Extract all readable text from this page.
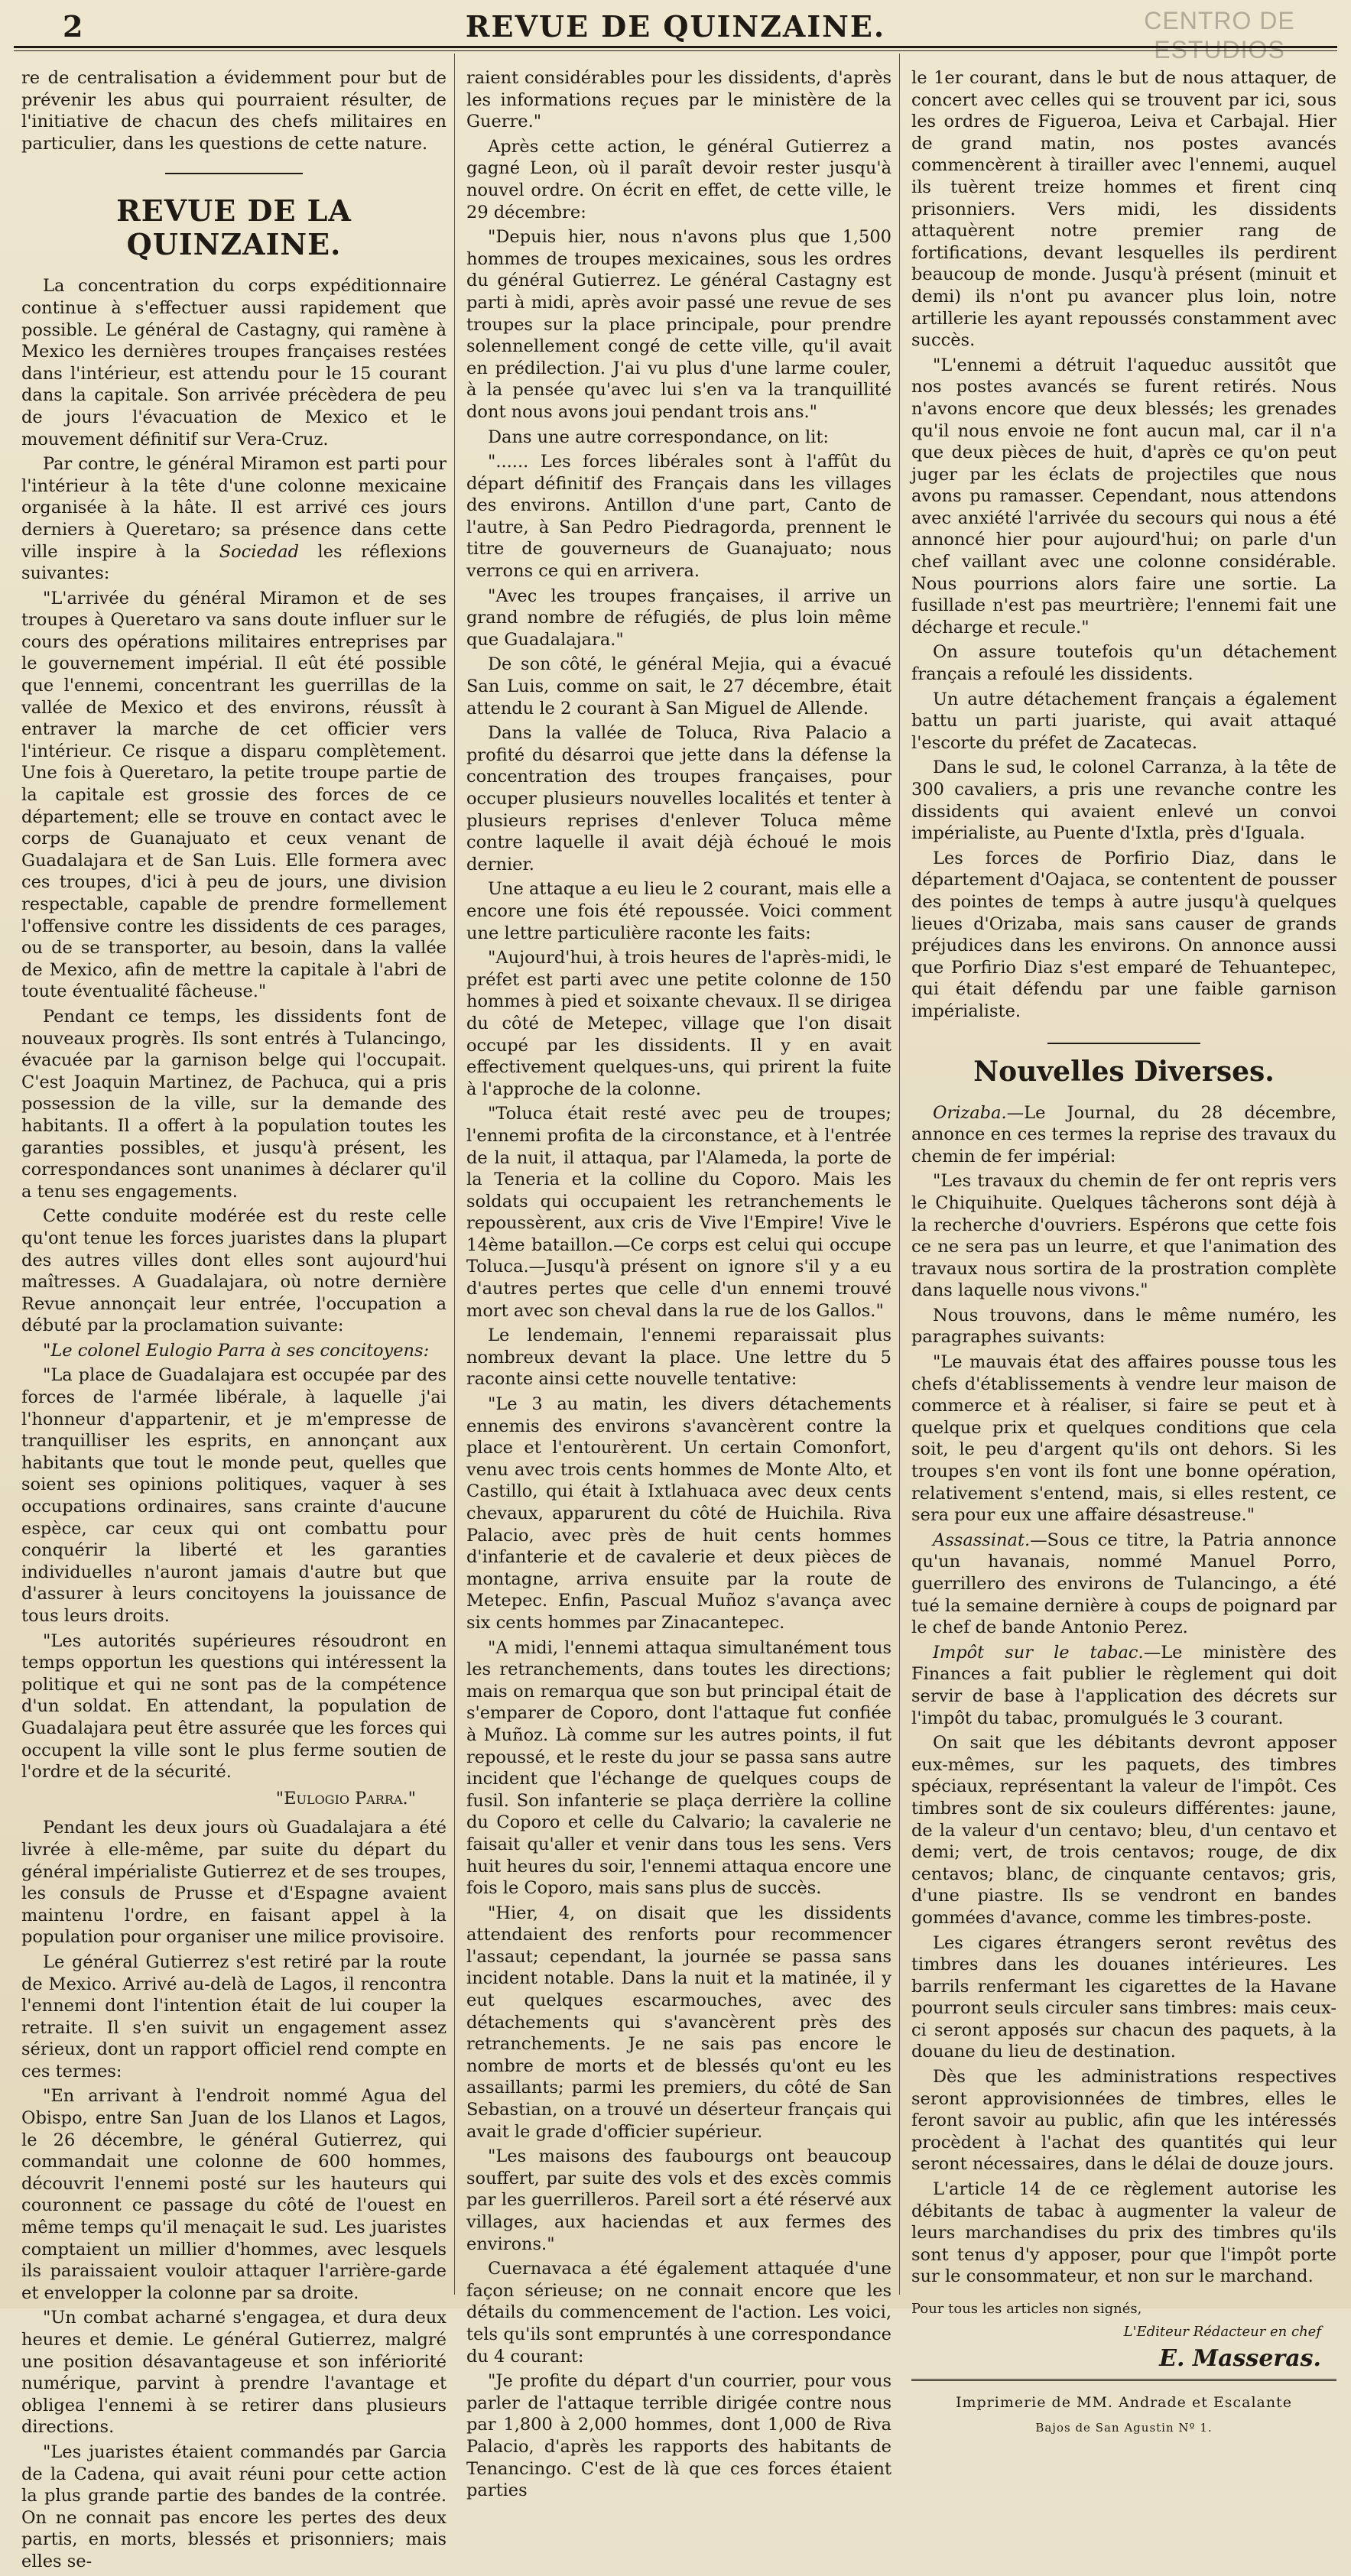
2	REVUE DE QUINZAINE.	CENTRO DE
ESTUDIOS

re de centralisation a évidemment pour but de prévenir les abus qui pourraient résulter, de l'initiative de chacun des chefs militaires en particulier, dans les questions de cette nature.

REVUE DE LA QUINZAINE.

La concentration du corps expéditionnaire continue à s'effectuer aussi rapidement que possible. Le général de Castagny, qui ramène à Mexico les dernières troupes françaises restées dans l'intérieur, est attendu pour le 15 courant dans la capitale. Son arrivée précèdera de peu de jours l'évacuation de Mexico et le mouvement définitif sur Vera-Cruz.

Par contre, le général Miramon est parti pour l'intérieur à la tête d'une colonne mexicaine organisée à la hâte. Il est arrivé ces jours derniers à Queretaro; sa présence dans cette ville inspire à la Sociedad les réflexions suivantes:

"L'arrivée du général Miramon et de ses troupes à Queretaro va sans doute influer sur le cours des opérations militaires entreprises par le gouvernement impérial. Il eût été possible que l'ennemi, concentrant les guerrillas de la vallée de Mexico et des environs, réussît à entraver la marche de cet officier vers l'intérieur. Ce risque a disparu complètement. Une fois à Queretaro, la petite troupe partie de la capitale est grossie des forces de ce département; elle se trouve en contact avec le corps de Guanajuato et ceux venant de Guadalajara et de San Luis. Elle formera avec ces troupes, d'ici à peu de jours, une division respectable, capable de prendre formellement l'offensive contre les dissidents de ces parages, ou de se transporter, au besoin, dans la vallée de Mexico, afin de mettre la capitale à l'abri de toute éventualité fâcheuse."

Pendant ce temps, les dissidents font de nouveaux progrès. Ils sont entrés à Tulancingo, évacuée par la garnison belge qui l'occupait. C'est Joaquin Martinez, de Pachuca, qui a pris possession de la ville, sur la demande des habitants. Il a offert à la population toutes les garanties possibles, et jusqu'à présent, les correspondances sont unanimes à déclarer qu'il a tenu ses engagements.

Cette conduite modérée est du reste celle qu'ont tenue les forces juaristes dans la plupart des autres villes dont elles sont aujourd'hui maîtresses. A Guadalajara, où notre dernière Revue annonçait leur entrée, l'occupation a débuté par la proclamation suivante:

"Le colonel Eulogio Parra à ses concitoyens:

"La place de Guadalajara est occupée par des forces de l'armée libérale, à laquelle j'ai l'honneur d'appartenir, et je m'empresse de tranquilliser les esprits, en annonçant aux habitants que tout le monde peut, quelles que soient ses opinions politiques, vaquer à ses occupations ordinaires, sans crainte d'aucune espèce, car ceux qui ont combattu pour conquérir la liberté et les garanties individuelles n'auront jamais d'autre but que d'assurer à leurs concitoyens la jouissance de tous leurs droits.

"Les autorités supérieures résoudront en temps opportun les questions qui intéressent la politique et qui ne sont pas de la compétence d'un soldat. En attendant, la population de Guadalajara peut être assurée que les forces qui occupent la ville sont le plus ferme soutien de l'ordre et de la sécurité.

"Eulogio Parra."

Pendant les deux jours où Guadalajara a été livrée à elle-même, par suite du départ du général impérialiste Gutierrez et de ses troupes, les consuls de Prusse et d'Espagne avaient maintenu l'ordre, en faisant appel à la population pour organiser une milice provisoire.

Le général Gutierrez s'est retiré par la route de Mexico. Arrivé au-delà de Lagos, il rencontra l'ennemi dont l'intention était de lui couper la retraite. Il s'en suivit un engagement assez sérieux, dont un rapport officiel rend compte en ces termes:

"En arrivant à l'endroit nommé Agua del Obispo, entre San Juan de los Llanos et Lagos, le 26 décembre, le général Gutierrez, qui commandait une colonne de 600 hommes, découvrit l'ennemi posté sur les hauteurs qui couronnent ce passage du côté de l'ouest en même temps qu'il menaçait le sud. Les juaristes comptaient un millier d'hommes, avec lesquels ils paraissaient vouloir attaquer l'arrière-garde et envelopper la colonne par sa droite.

"Un combat acharné s'engagea, et dura deux heures et demie. Le général Gutierrez, malgré une position désavantageuse et son infériorité numérique, parvint à prendre l'avantage et obligea l'ennemi à se retirer dans plusieurs directions.

"Les juaristes étaient commandés par Garcia de la Cadena, qui avait réuni pour cette action la plus grande partie des bandes de la contrée. On ne connait pas encore les pertes des deux partis, en morts, blessés et prisonniers; mais elles se-

raient considérables pour les dissidents, d'après les informations reçues par le ministère de la Guerre."

Après cette action, le général Gutierrez a gagné Leon, où il paraît devoir rester jusqu'à nouvel ordre. On écrit en effet, de cette ville, le 29 décembre:

"Depuis hier, nous n'avons plus que 1,500 hommes de troupes mexicaines, sous les ordres du général Gutierrez. Le général Castagny est parti à midi, après avoir passé une revue de ses troupes sur la place principale, pour prendre solennellement congé de cette ville, qu'il avait en prédilection. J'ai vu plus d'une larme couler, à la pensée qu'avec lui s'en va la tranquillité dont nous avons joui pendant trois ans."

Dans une autre correspondance, on lit:

"...... Les forces libérales sont à l'affût du départ définitif des Français dans les villages des environs. Antillon d'une part, Canto de l'autre, à San Pedro Piedragorda, prennent le titre de gouverneurs de Guanajuato; nous verrons ce qui en arrivera.

"Avec les troupes françaises, il arrive un grand nombre de réfugiés, de plus loin même que Guadalajara."

De son côté, le général Mejia, qui a évacué San Luis, comme on sait, le 27 décembre, était attendu le 2 courant à San Miguel de Allende.

Dans la vallée de Toluca, Riva Palacio a profité du désarroi que jette dans la défense la concentration des troupes françaises, pour occuper plusieurs nouvelles localités et tenter à plusieurs reprises d'enlever Toluca même contre laquelle il avait déjà échoué le mois dernier.

Une attaque a eu lieu le 2 courant, mais elle a encore une fois été repoussée. Voici comment une lettre particulière raconte les faits:

"Aujourd'hui, à trois heures de l'après-midi, le préfet est parti avec une petite colonne de 150 hommes à pied et soixante chevaux. Il se dirigea du côté de Metepec, village que l'on disait occupé par les dissidents. Il y en avait effectivement quelques-uns, qui prirent la fuite à l'approche de la colonne.

"Toluca était resté avec peu de troupes; l'ennemi profita de la circonstance, et à l'entrée de la nuit, il attaqua, par l'Alameda, la porte de la Teneria et la colline du Coporo. Mais les soldats qui occupaient les retranchements le repoussèrent, aux cris de Vive l'Empire! Vive le 14ème bataillon.—Ce corps est celui qui occupe Toluca.—Jusqu'à présent on ignore s'il y a eu d'autres pertes que celle d'un ennemi trouvé mort avec son cheval dans la rue de los Gallos."

Le lendemain, l'ennemi reparaissait plus nombreux devant la place. Une lettre du 5 raconte ainsi cette nouvelle tentative:

"Le 3 au matin, les divers détachements ennemis des environs s'avancèrent contre la place et l'entourèrent. Un certain Comonfort, venu avec trois cents hommes de Monte Alto, et Castillo, qui était à Ixtlahuaca avec deux cents chevaux, apparurent du côté de Huichila. Riva Palacio, avec près de huit cents hommes d'infanterie et de cavalerie et deux pièces de montagne, arriva ensuite par la route de Metepec. Enfin, Pascual Muñoz s'avança avec six cents hommes par Zinacantepec.

"A midi, l'ennemi attaqua simultanément tous les retranchements, dans toutes les directions; mais on remarqua que son but principal était de s'emparer de Coporo, dont l'attaque fut confiée à Muñoz. Là comme sur les autres points, il fut repoussé, et le reste du jour se passa sans autre incident que l'échange de quelques coups de fusil. Son infanterie se plaça derrière la colline du Coporo et celle du Calvario; la cavalerie ne faisait qu'aller et venir dans tous les sens. Vers huit heures du soir, l'ennemi attaqua encore une fois le Coporo, mais sans plus de succès.

"Hier, 4, on disait que les dissidents attendaient des renforts pour recommencer l'assaut; cependant, la journée se passa sans incident notable. Dans la nuit et la matinée, il y eut quelques escarmouches, avec des détachements qui s'avancèrent près des retranchements. Je ne sais pas encore le nombre de morts et de blessés qu'ont eu les assaillants; parmi les premiers, du côté de San Sebastian, on a trouvé un déserteur français qui avait le grade d'officier supérieur.

"Les maisons des faubourgs ont beaucoup souffert, par suite des vols et des excès commis par les guerrilleros. Pareil sort a été réservé aux villages, aux haciendas et aux fermes des environs."

Cuernavaca a été également attaquée d'une façon sérieuse; on ne connait encore que les détails du commencement de l'action. Les voici, tels qu'ils sont empruntés à une correspondance du 4 courant:

"Je profite du départ d'un courrier, pour vous parler de l'attaque terrible dirigée contre nous par 1,800 à 2,000 hommes, dont 1,000 de Riva Palacio, d'après les rapports des habitants de Tenancingo. C'est de là que ces forces étaient parties

le 1er courant, dans le but de nous attaquer, de concert avec celles qui se trouvent par ici, sous les ordres de Figueroa, Leiva et Carbajal. Hier de grand matin, nos postes avancés commencèrent à tirailler avec l'ennemi, auquel ils tuèrent treize hommes et firent cinq prisonniers. Vers midi, les dissidents attaquèrent notre premier rang de fortifications, devant lesquelles ils perdirent beaucoup de monde. Jusqu'à présent (minuit et demi) ils n'ont pu avancer plus loin, notre artillerie les ayant repoussés constamment avec succès.

"L'ennemi a détruit l'aqueduc aussitôt que nos postes avancés se furent retirés. Nous n'avons encore que deux blessés; les grenades qu'il nous envoie ne font aucun mal, car il n'a que deux pièces de huit, d'après ce qu'on peut juger par les éclats de projectiles que nous avons pu ramasser. Cependant, nous attendons avec anxiété l'arrivée du secours qui nous a été annoncé hier pour aujourd'hui; on parle d'un chef vaillant avec une colonne considérable. Nous pourrions alors faire une sortie. La fusillade n'est pas meurtrière; l'ennemi fait une décharge et recule."

On assure toutefois qu'un détachement français a refoulé les dissidents.

Un autre détachement français a également battu un parti juariste, qui avait attaqué l'escorte du préfet de Zacatecas.

Dans le sud, le colonel Carranza, à la tête de 300 cavaliers, a pris une revanche contre les dissidents qui avaient enlevé un convoi impérialiste, au Puente d'Ixtla, près d'Iguala.

Les forces de Porfirio Diaz, dans le département d'Oajaca, se contentent de pousser des pointes de temps à autre jusqu'à quelques lieues d'Orizaba, mais sans causer de grands préjudices dans les environs. On annonce aussi que Porfirio Diaz s'est emparé de Tehuantepec, qui était défendu par une faible garnison impérialiste.

Nouvelles Diverses.

Orizaba.—Le Journal, du 28 décembre, annonce en ces termes la reprise des travaux du chemin de fer impérial:

"Les travaux du chemin de fer ont repris vers le Chiquihuite. Quelques tâcherons sont déjà à la recherche d'ouvriers. Espérons que cette fois ce ne sera pas un leurre, et que l'animation des travaux nous sortira de la prostration complète dans laquelle nous vivons."

Nous trouvons, dans le même numéro, les paragraphes suivants:

"Le mauvais état des affaires pousse tous les chefs d'établissements à vendre leur maison de commerce et à réaliser, si faire se peut et à quelque prix et quelques conditions que cela soit, le peu d'argent qu'ils ont dehors. Si les troupes s'en vont ils font une bonne opération, relativement s'entend, mais, si elles restent, ce sera pour eux une affaire désastreuse."

Assassinat.—Sous ce titre, la Patria annonce qu'un havanais, nommé Manuel Porro, guerrillero des environs de Tulancingo, a été tué la semaine dernière à coups de poignard par le chef de bande Antonio Perez.

Impôt sur le tabac.—Le ministère des Finances a fait publier le règlement qui doit servir de base à l'application des décrets sur l'impôt du tabac, promulgués le 3 courant.

On sait que les débitants devront apposer eux-mêmes, sur les paquets, des timbres spéciaux, représentant la valeur de l'impôt. Ces timbres sont de six couleurs différentes: jaune, de la valeur d'un centavo; bleu, d'un centavo et demi; vert, de trois centavos; rouge, de dix centavos; blanc, de cinquante centavos; gris, d'une piastre. Ils se vendront en bandes gommées d'avance, comme les timbres-poste.

Les cigares étrangers seront revêtus des timbres dans les douanes intérieures. Les barrils renfermant les cigarettes de la Havane pourront seuls circuler sans timbres: mais ceux-ci seront apposés sur chacun des paquets, à la douane du lieu de destination.

Dès que les administrations respectives seront approvisionnées de timbres, elles le feront savoir au public, afin que les intéressés procèdent à l'achat des quantités qui leur seront nécessaires, dans le délai de douze jours.

L'article 14 de ce règlement autorise les débitants de tabac à augmenter la valeur de leurs marchandises du prix des timbres qu'ils sont tenus d'y apposer, pour que l'impôt porte sur le consommateur, et non sur le marchand.

Pour tous les articles non signés,

L'Editeur Rédacteur en chef

E. Masseras.

Imprimerie de MM. Andrade et Escalante

Bajos de San Agustin Nº 1.
